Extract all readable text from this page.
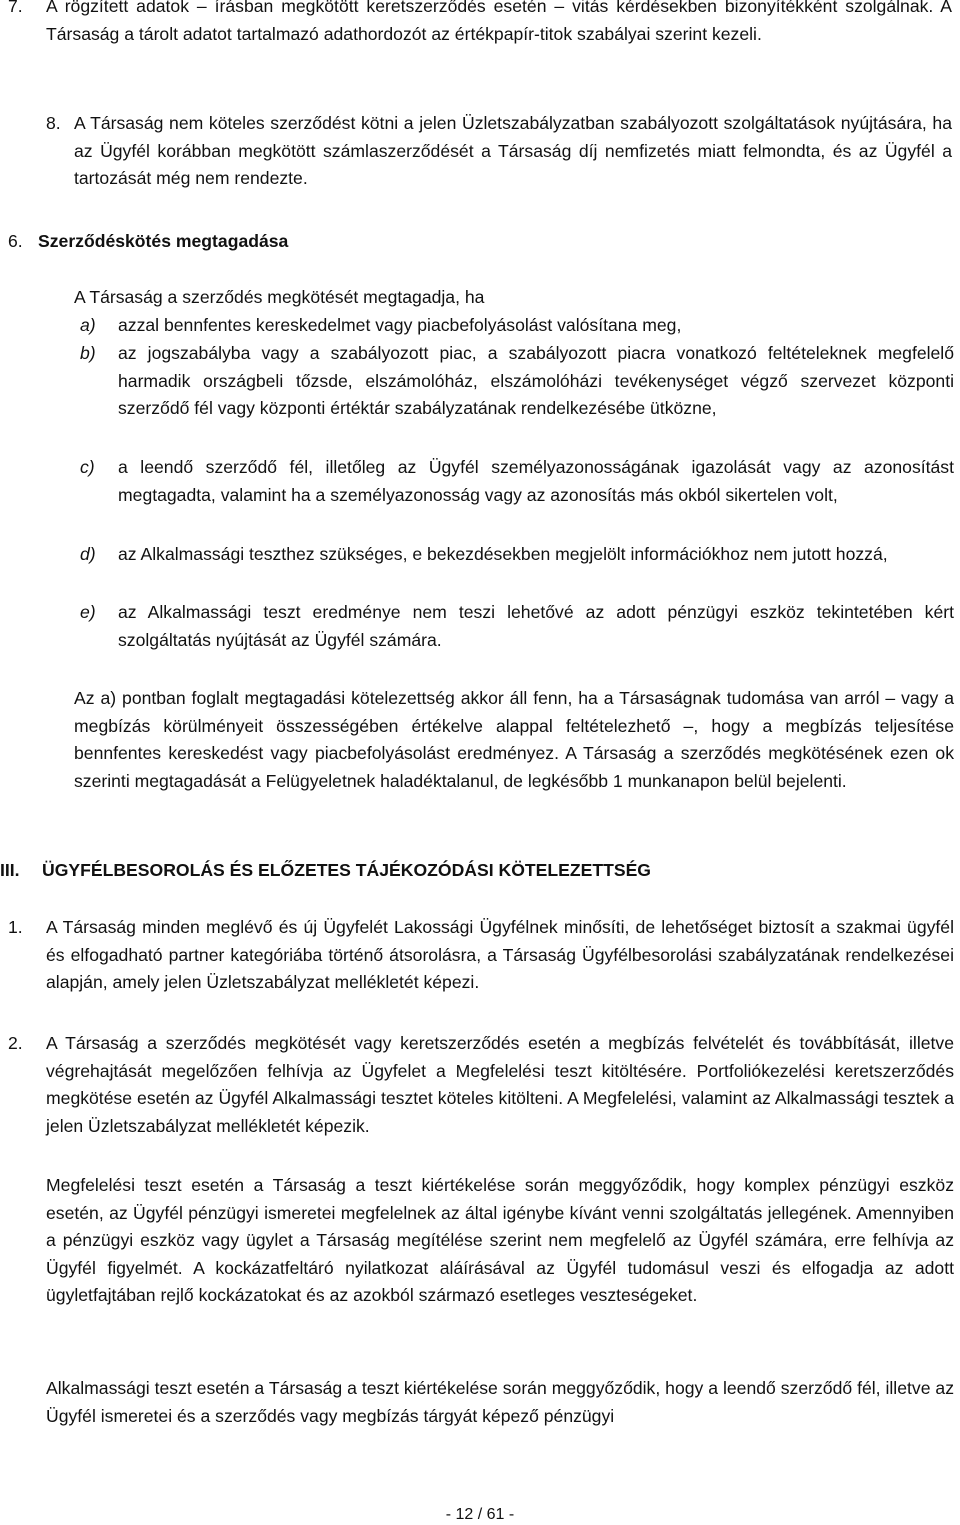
7. A rögzített adatok – írásban megkötött keretszerződés esetén – vitás kérdésekben bizonyítékként szolgálnak. A Társaság a tárolt adatot tartalmazó adathordozót az értékpapír-titok szabályai szerint kezeli.
8. A Társaság nem köteles szerződést kötni a jelen Üzletszabályzatban szabályozott szolgáltatások nyújtására, ha az Ügyfél korábban megkötött számlaszerződését a Társaság díj nemfizetés miatt felmondta, és az Ügyfél a tartozását még nem rendezte.
6. Szerződéskötés megtagadása
A Társaság a szerződés megkötését megtagadja, ha
a) azzal bennfentes kereskedelmet vagy piacbefolyásolást valósítana meg,
b) az jogszabályba vagy a szabályozott piac, a szabályozott piacra vonatkozó feltételeknek megfelelő harmadik országbeli tőzsde, elszámolóház, elszámolóházi tevékenységet végző szervezet központi szerződő fél vagy központi értéktár szabályzatának rendelkezésébe ütközne,
c) a leendő szerződő fél, illetőleg az Ügyfél személyazonosságának igazolását vagy az azonosítást megtagadta, valamint ha a személyazonosság vagy az azonosítás más okból sikertelen volt,
d) az Alkalmassági teszthez szükséges, e bekezdésekben megjelölt információkhoz nem jutott hozzá,
e) az Alkalmassági teszt eredménye nem teszi lehetővé az adott pénzügyi eszköz tekintetében kért szolgáltatás nyújtását az Ügyfél számára.
Az a) pontban foglalt megtagadási kötelezettség akkor áll fenn, ha a Társaságnak tudomása van arról – vagy a megbízás körülményeit összességében értékelve alappal feltételezhető –, hogy a megbízás teljesítése bennfentes kereskedést vagy piacbefolyásolást eredményez. A Társaság a szerződés megkötésének ezen ok szerinti megtagadását a Felügyeletnek haladéktalanul, de legkésőbb 1 munkanapon belül bejelenti.
III. ÜGYFÉLBESOROLÁS ÉS ELŐZETES TÁJÉKOZÓDÁSI KÖTELEZETTSÉG
1. A Társaság minden meglévő és új Ügyfelét Lakossági Ügyfélnek minősíti, de lehetőséget biztosít a szakmai ügyfél és elfogadható partner kategóriába történő átsorolásra, a Társaság Ügyfélbesorolási szabályzatának rendelkezései alapján, amely jelen Üzletszabályzat mellékletét képezi.
2. A Társaság a szerződés megkötését vagy keretszerződés esetén a megbízás felvételét és továbbítását, illetve végrehajtását megelőzően felhívja az Ügyfelet a Megfelelési teszt kitöltésére. Portfoliókezelési keretszerződés megkötése esetén az Ügyfél Alkalmassági tesztet köteles kitölteni. A Megfelelési, valamint az Alkalmassági tesztek a jelen Üzletszabályzat mellékletét képezik.
Megfelelési teszt esetén a Társaság a teszt kiértékelése során meggyőződik, hogy komplex pénzügyi eszköz esetén, az Ügyfél pénzügyi ismeretei megfelelnek az által igénybe kívánt venni szolgáltatás jellegének. Amennyiben a pénzügyi eszköz vagy ügylet a Társaság megítélése szerint nem megfelelő az Ügyfél számára, erre felhívja az Ügyfél figyelmét. A kockázatfeltáró nyilatkozat aláírásával az Ügyfél tudomásul veszi és elfogadja az adott ügyletfajtában rejlő kockázatokat és az azokból származó esetleges veszteségeket.
Alkalmassági teszt esetén a Társaság a teszt kiértékelése során meggyőződik, hogy a leendő szerződő fél, illetve az Ügyfél ismeretei és a szerződés vagy megbízás tárgyát képező pénzügyi
- 12 / 61 -
